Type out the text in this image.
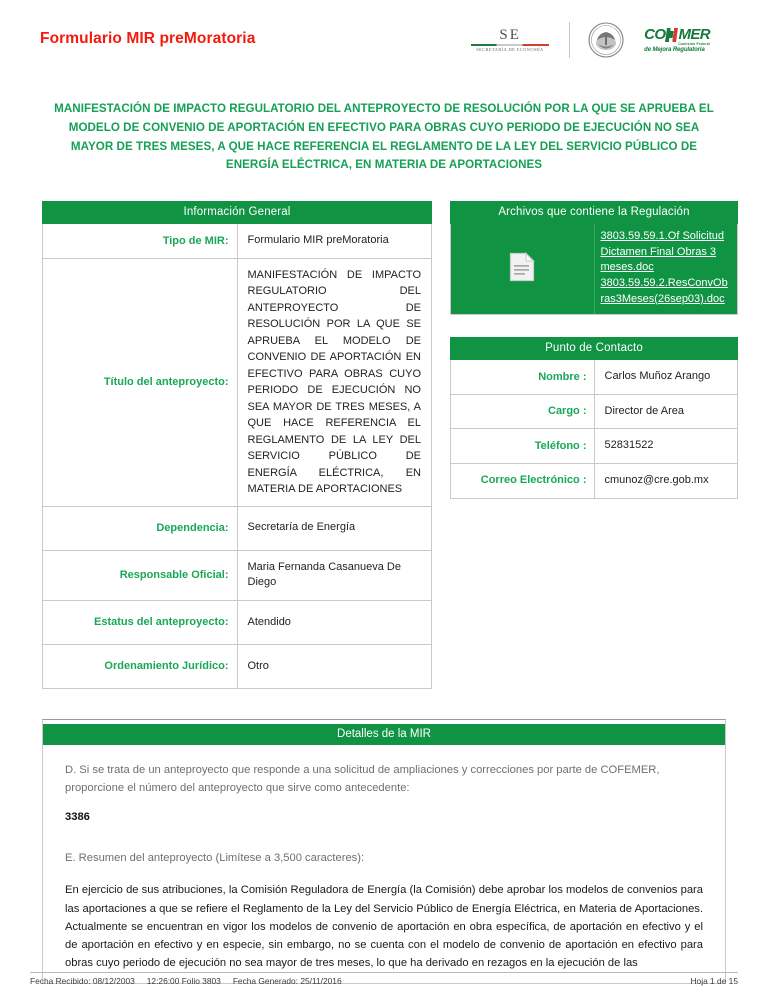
Formulario MIR preMoratoria	SE
SECRETARÍA DE ECONOMÍA
CO MER
Comisión Federal
de Mejora Regulatoria
MANIFESTACIÓN DE IMPACTO REGULATORIO DEL ANTEPROYECTO DE RESOLUCIÓN POR LA QUE SE APRUEBA EL MODELO DE CONVENIO DE APORTACIÓN EN EFECTIVO PARA OBRAS CUYO PERIODO DE EJECUCIÓN NO SEA MAYOR DE TRES MESES, A QUE HACE REFERENCIA EL REGLAMENTO DE LA LEY DEL SERVICIO PÚBLICO DE ENERGÍA ELÉCTRICA, EN MATERIA DE APORTACIONES
Información General	
Tipo de MIR:	Formulario MIR preMoratoria
Título del anteproyecto:	MANIFESTACIÓN DE IMPACTO REGULATORIO DEL ANTEPROYECTO DE RESOLUCIÓN POR LA QUE SE APRUEBA EL MODELO DE CONVENIO DE APORTACIÓN EN EFECTIVO PARA OBRAS CUYO PERIODO DE EJECUCIÓN NO SEA MAYOR DE TRES MESES, A QUE HACE REFERENCIA EL REGLAMENTO DE LA LEY DEL SERVICIO PÚBLICO DE ENERGÍA ELÉCTRICA, EN MATERIA DE APORTACIONES
Dependencia:	Secretaría de Energía
Responsable Oficial:	Maria Fernanda Casanueva De Diego
Estatus del anteproyecto:	Atendido
Ordenamiento Jurídico:	Otro
Archivos que contiene la Regulación

3803.59.59.1.Of Solicitud Dictamen Final Obras 3 meses.doc
3803.59.59.2.ResConvObras3Meses(26sep03).doc
Punto de Contacto	
Nombre :	Carlos Muñoz Arango
Cargo :	Director de Area
Teléfono :	52831522
Correo Electrónico :	cmunoz@cre.gob.mx
Detalles de la MIR

D. Si se trata de un anteproyecto que responde a una solicitud de ampliaciones y correcciones por parte de COFEMER, proporcione el número del anteproyecto que sirve como antecedente:

3386

E. Resumen del anteproyecto (Limítese a 3,500 caracteres):

En ejercicio de sus atribuciones, la Comisión Reguladora de Energía (la Comisión) debe aprobar los modelos de convenios para las aportaciones a que se refiere el Reglamento de la Ley del Servicio Público de Energía Eléctrica, en Materia de Aportaciones. Actualmente se encuentran en vigor los modelos de convenio de aportación en obra específica, de aportación en efectivo y el de aportación en efectivo y en especie, sin embargo, no se cuenta con el modelo de convenio de aportación en efectivo para obras cuyo periodo de ejecución no sea mayor de tres meses, lo que ha derivado en rezagos en la ejecución de las

Fecha Recibido: 08/12/2003 12:26:00 Folio 3803 Fecha Generado: 25/11/2016	Hoja 1 de 15
